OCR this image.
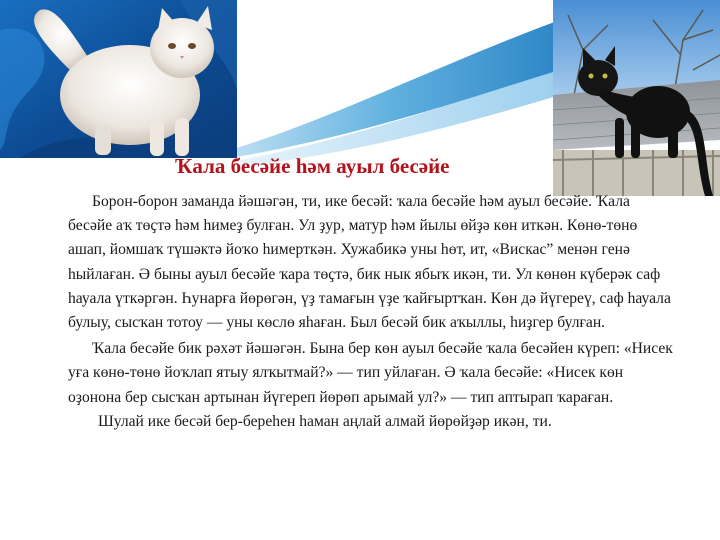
Ҡала бесәйе һәм ауыл бесәйе

Борон-борон заманда йәшәгән, ти, ике бесәй: ҡала бесәйе һәм ауыл бесәйе. Ҡала бесәйе аҡ төҫтә һәм һимеҙ булған. Ул ҙур, матур һәм йылы өйҙә көн иткән. Көнө-төнө ашап, йомшаҡ түшәктә йоҡо һимерткән. Хужабикә уны һөт, ит, «Вискас” менән генә һыйлаған. Ә быны ауыл бесәйе ҡара төҫтә, бик нык ябыҡ икән, ти. Ул көнөн күберәк саф һауала үткәргән. Һунарға йөрөгән, үҙ тамағын үҙе ҡайғыртҡан. Көн дә йүгереү, саф һауала булыу, сысҡан тотоу — уны көслө яһаған. Был бесәй бик аҡыллы, һиҙгер булған.

Ҡала бесәйе бик рәхәт йәшәгән. Бына бер көн ауыл бесәйе ҡала бесәйен күреп: «Нисек уға көнө-төнө йоҡлап ятыу ялҡытмай?» — тип уйлаған. Ә ҡала бесәйе: «Нисек көн оҙонона бер сысҡан артынан йүгереп йөрөп арымай ул?» — тип аптырап ҡараған.

Шулай ике бесәй бер-береһен һаман аңлай алмай йөрөйҙәр икән, ти.
